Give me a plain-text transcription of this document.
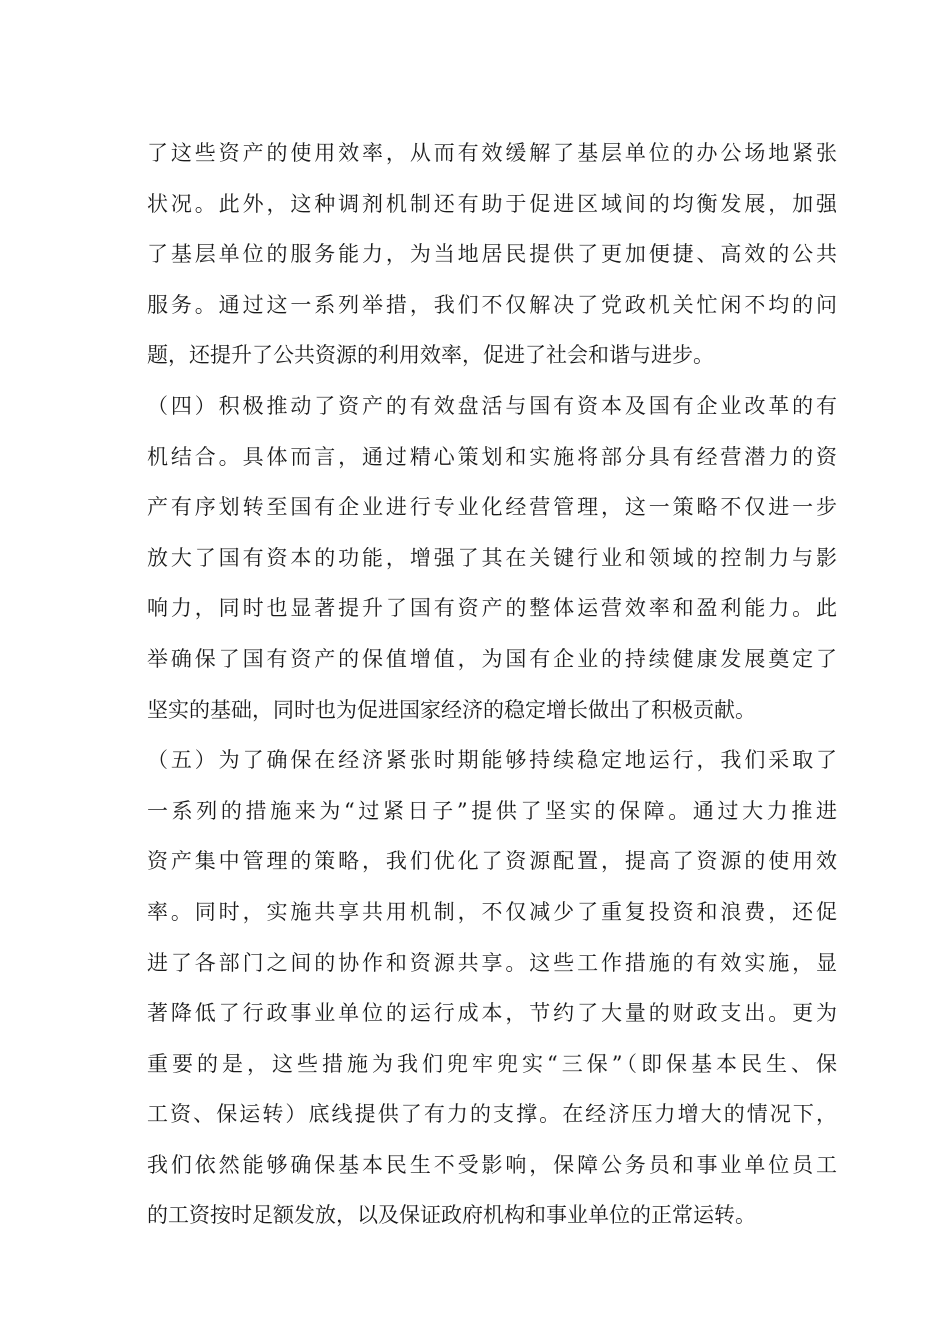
了这些资产的使用效率，从而有效缓解了基层单位的办公场地紧张
状况。此外，这种调剂机制还有助于促进区域间的均衡发展，加强
了基层单位的服务能力，为当地居民提供了更加便捷、高效的公共
服务。通过这一系列举措，我们不仅解决了党政机关忙闲不均的问
题，还提升了公共资源的利用效率，促进了社会和谐与进步。
（四）积极推动了资产的有效盘活与国有资本及国有企业改革的有
机结合。具体而言，通过精心策划和实施将部分具有经营潜力的资
产有序划转至国有企业进行专业化经营管理，这一策略不仅进一步
放大了国有资本的功能，增强了其在关键行业和领域的控制力与影
响力，同时也显著提升了国有资产的整体运营效率和盈利能力。此
举确保了国有资产的保值增值，为国有企业的持续健康发展奠定了
坚实的基础，同时也为促进国家经济的稳定增长做出了积极贡献。
（五）为了确保在经济紧张时期能够持续稳定地运行，我们采取了
一系列的措施来为“过紧日子”提供了坚实的保障。通过大力推进
资产集中管理的策略，我们优化了资源配置，提高了资源的使用效
率。同时，实施共享共用机制，不仅减少了重复投资和浪费，还促
进了各部门之间的协作和资源共享。这些工作措施的有效实施，显
著降低了行政事业单位的运行成本，节约了大量的财政支出。更为
重要的是，这些措施为我们兜牢兜实“三保”（即保基本民生、保
工资、保运转）底线提供了有力的支撑。在经济压力增大的情况下，
我们依然能够确保基本民生不受影响，保障公务员和事业单位员工
的工资按时足额发放，以及保证政府机构和事业单位的正常运转。
